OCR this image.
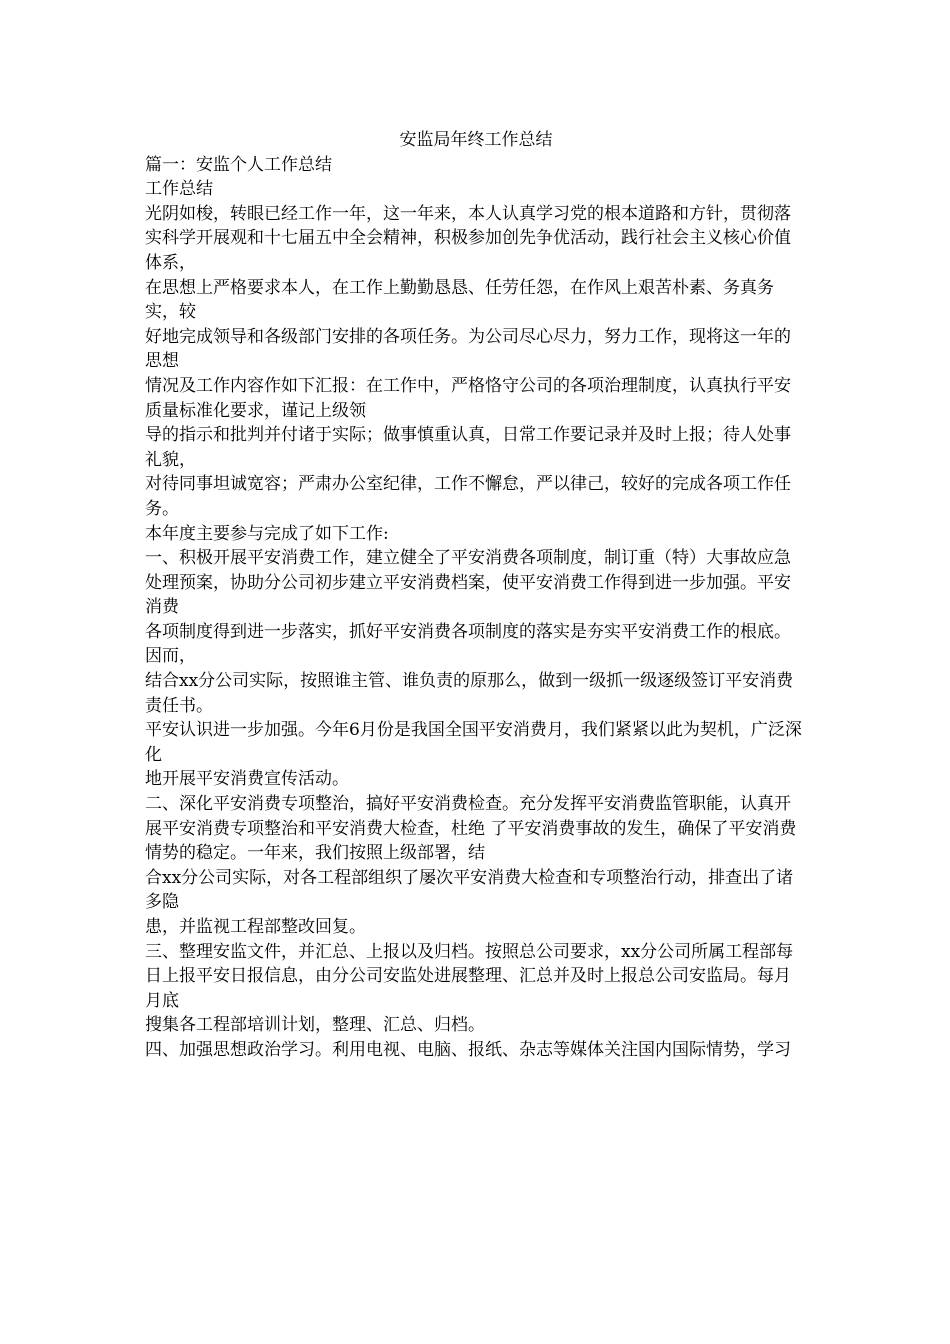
安监局年终工作总结

篇一：安监个人工作总结

工作总结

光阴如梭，转眼已经工作一年，这一年来，本人认真学习党的根本道路和方针，贯彻落

实科学开展观和十七届五中全会精神，积极参加创先争优活动，践行社会主义核心价值体系，

在思想上严格要求本人，在工作上勤勤恳恳、任劳任怨，在作风上艰苦朴素、务真务实，较

好地完成领导和各级部门安排的各项任务。为公司尽心尽力，努力工作，现将这一年的思想

情况及工作内容作如下汇报：在工作中，严格恪守公司的各项治理制度，认真执行平安质量标准化要求，谨记上级领

导的指示和批判并付诸于实际；做事慎重认真，日常工作要记录并及时上报；待人处事礼貌，

对待同事坦诚宽容；严肃办公室纪律，工作不懈怠，严以律己，较好的完成各项工作任务。

本年度主要参与完成了如下工作:

一、积极开展平安消费工作，建立健全了平安消费各项制度，制订重（特）大事故应急

处理预案，协助分公司初步建立平安消费档案，使平安消费工作得到进一步加强。平安消费

各项制度得到进一步落实，抓好平安消费各项制度的落实是夯实平安消费工作的根底。因而，

结合xx分公司实际，按照谁主管、谁负责的原那么，做到一级抓一级逐级签订平安消费责任书。

平安认识进一步加强。今年6月份是我国全国平安消费月，我们紧紧以此为契机，广泛深化

地开展平安消费宣传活动。

二、深化平安消费专项整治，搞好平安消费检查。充分发挥平安消费监管职能，认真开

展平安消费专项整治和平安消费大检查，杜绝 了平安消费事故的发生，确保了平安消费情势的稳定。一年来，我们按照上级部署，结

合xx分公司实际，对各工程部组织了屡次平安消费大检查和专项整治行动，排查出了诸多隐

患，并监视工程部整改回复。

三、整理安监文件，并汇总、上报以及归档。按照总公司要求，xx分公司所属工程部每

日上报平安日报信息，由分公司安监处进展整理、汇总并及时上报总公司安监局。每月月底

搜集各工程部培训计划，整理、汇总、归档。

四、加强思想政治学习。利用电视、电脑、报纸、杂志等媒体关注国内国际情势，学习
